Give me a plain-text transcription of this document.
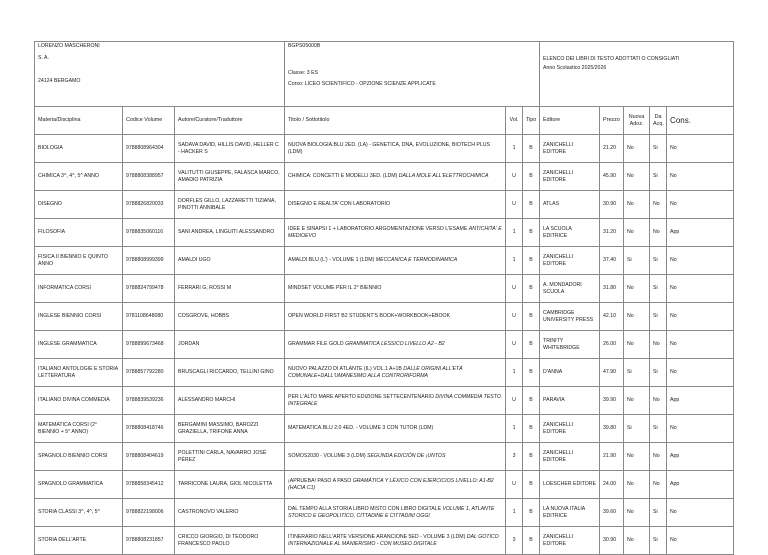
LORENZO MASCHERONI			BGPS05000B			ELENCO DEI LIBRI DI TESTO ADOTTATI O CONSIGLIATI
Anno Scolastico 2025/2026				

S. A.			Classe: 3 ES
Corso: LICEO SCIENTIFICO - OPZIONE SCIENZE APPLICATE							

24124 BERGAMO										
Materia/Disciplina	Codice Volume	Autore/Curatore/Traduttore	Titolo / Sottotitolo	Vol.	Tipo	Editore	Prezzo	Nuova Adoz.	Da Acq.	Cons.
BIOLOGIA	9788808964304	SADAVA DAVID, HILLIS DAVID, HELLER C - HACKER S	NUOVA BIOLOGIA.BLU 2ED. (LA) - GENETICA, DNA, EVOLUZIONE, BIOTECH PLUS (LDM)	1	B	ZANICHELLI EDITORE	21.20	No	Si	No
CHIMICA 3^, 4^, 5^ ANNO	9788808388957	VALITUTTI GIUSEPPE, FALASCA MARCO, AMADIO PATRIZIA	CHIMICA: CONCETTI E MODELLI 3ED. (LDM) DALLA MOLE ALL'ELETTROCHIMICA	U	B	ZANICHELLI EDITORE	45.90	No	Si	No
DISEGNO	9788826820033	DORFLES GILLO, LAZZARETTI TIZIANA, PINOTTI ANNIBALE	DISEGNO E REALTA' CON LABORATORIO	U	B	ATLAS	30.90	No	No	No
FILOSOFIA	9788835060116	SANI ANDREA, LINGUITI ALESSANDRO	IDEE E SINAPSI 1 + LABORATORIO ARGOMENTAZIONE VERSO L'ESAME ANTICHITA' E MEDIOEVO	1	B	LA SCUOLA EDITRICE	31.20	No	No	App
FISICA II BIENNIO E QUINTO ANNO	9788808999399	AMALDI UGO	AMALDI.BLU (L') - VOLUME 1 (LDM) MECCANICA E TERMODINAMICA	1	B	ZANICHELLI EDITORE	37.40	Si	Si	No
INFORMATICA CORSI	9788824799478	FERRARI G, ROSSI M	MINDSET VOLUME PER IL 2° BIENNIO	U	B	A. MONDADORI SCUOLA	31.80	No	Si	No
INGLESE BIENNIO CORSI	9781108648080	COSGROVE, HOBBS	OPEN WORLD FIRST B2 STUDENT'S BOOK+WORKBOOK+EBOOK	U	B	CAMBRIDGE UNIVERSITY PRESS	42.10	No	Si	No
INGLESE GRAMMATICA	9788899673468	JORDAN	GRAMMAR FILE GOLD GRAMMATICA LESSICO LIVELLO A2 - B2	U	B	TRINITY WHITEBRIDGE	26.00	No	No	No
ITALIANO ANTOLOGIE E STORIA LETTERATURA	9788857792280	BRUSCAGLI RICCARDO, TELLINI GINO	NUOVO PALAZZO DI ATLANTE (IL) VOL.1 A+1B DALLE ORIGINI ALL'ETÀ COMUNALE+DALL'UMANESIMO ALLA CONTRORIFORMA	1	B	D'ANNA	47.90	Si	Si	No
ITALIANO DIVINA COMMEDIA	9788839539236	ALESSANDRO MARCHI	PER L'ALTO MARE APERTO EDIZIONE SETTECENTENARIO DIVINA COMMEDIA TESTO INTEGRALE	U	B	PARAVIA	39.90	No	No	App
MATEMATICA CORSI (2° BIENNIO + 5° ANNO)	9788808418746	BERGAMINI MASSIMO, BAROZZI GRAZIELLA, TRIFONE ANNA	MATEMATICA.BLU 2.0 4ED. - VOLUME 3 CON TUTOR (LDM)	1	B	ZANICHELLI EDITORE	39.80	Si	Si	No
SPAGNOLO BIENNIO CORSI	9788808404619	POLETTINI CARLA, NAVARRO JOSÉ PÉREZ	SOMOS2030 - VOLUME 3 (LDM) SEGUNDA EDICIÓN DE ¡UNTOS	3	B	ZANICHELLI EDITORE	21.90	No	No	App
SPAGNOLO GRAMMATICA	9788858345412	TARRICONE LAURA, GIOL NICOLETTA	¡APRUEBA! PASO A PASO GRAMÁTICA Y LÉXICO CON EJERCICIOS LIVELLO: A1-B2 (HACIA C1)	U	B	LOESCHER EDITORE	24.00	No	No	App
STORIA CLASSI 3^, 4^, 5^	9788822198006	CASTRONOVO VALERIO	DAL TEMPO ALLA STORIA LIBRO MISTO CON LIBRO DIGITALE VOLUME 1, ATLANTE STORICO E GEOPOLITICO, CITTADINE E CITTADINI OGGI	1	B	LA NUOVA ITALIA EDITRICE	39.60	No	Si	No
STORIA DELL'ARTE	9788808231857	CRICCO GIORGIO, DI TEODORO FRANCESCO PAOLO	ITINERARIO NELL'ARTE VERSIONE ARANCIONE 5ED - VOLUME 3 (LDM) DAL GOTICO INTERNAZIONALE AL MANIERISMO - CON MUSEO DIGITALE	3	B	ZANICHELLI EDITORE	30.90	No	Si	No
